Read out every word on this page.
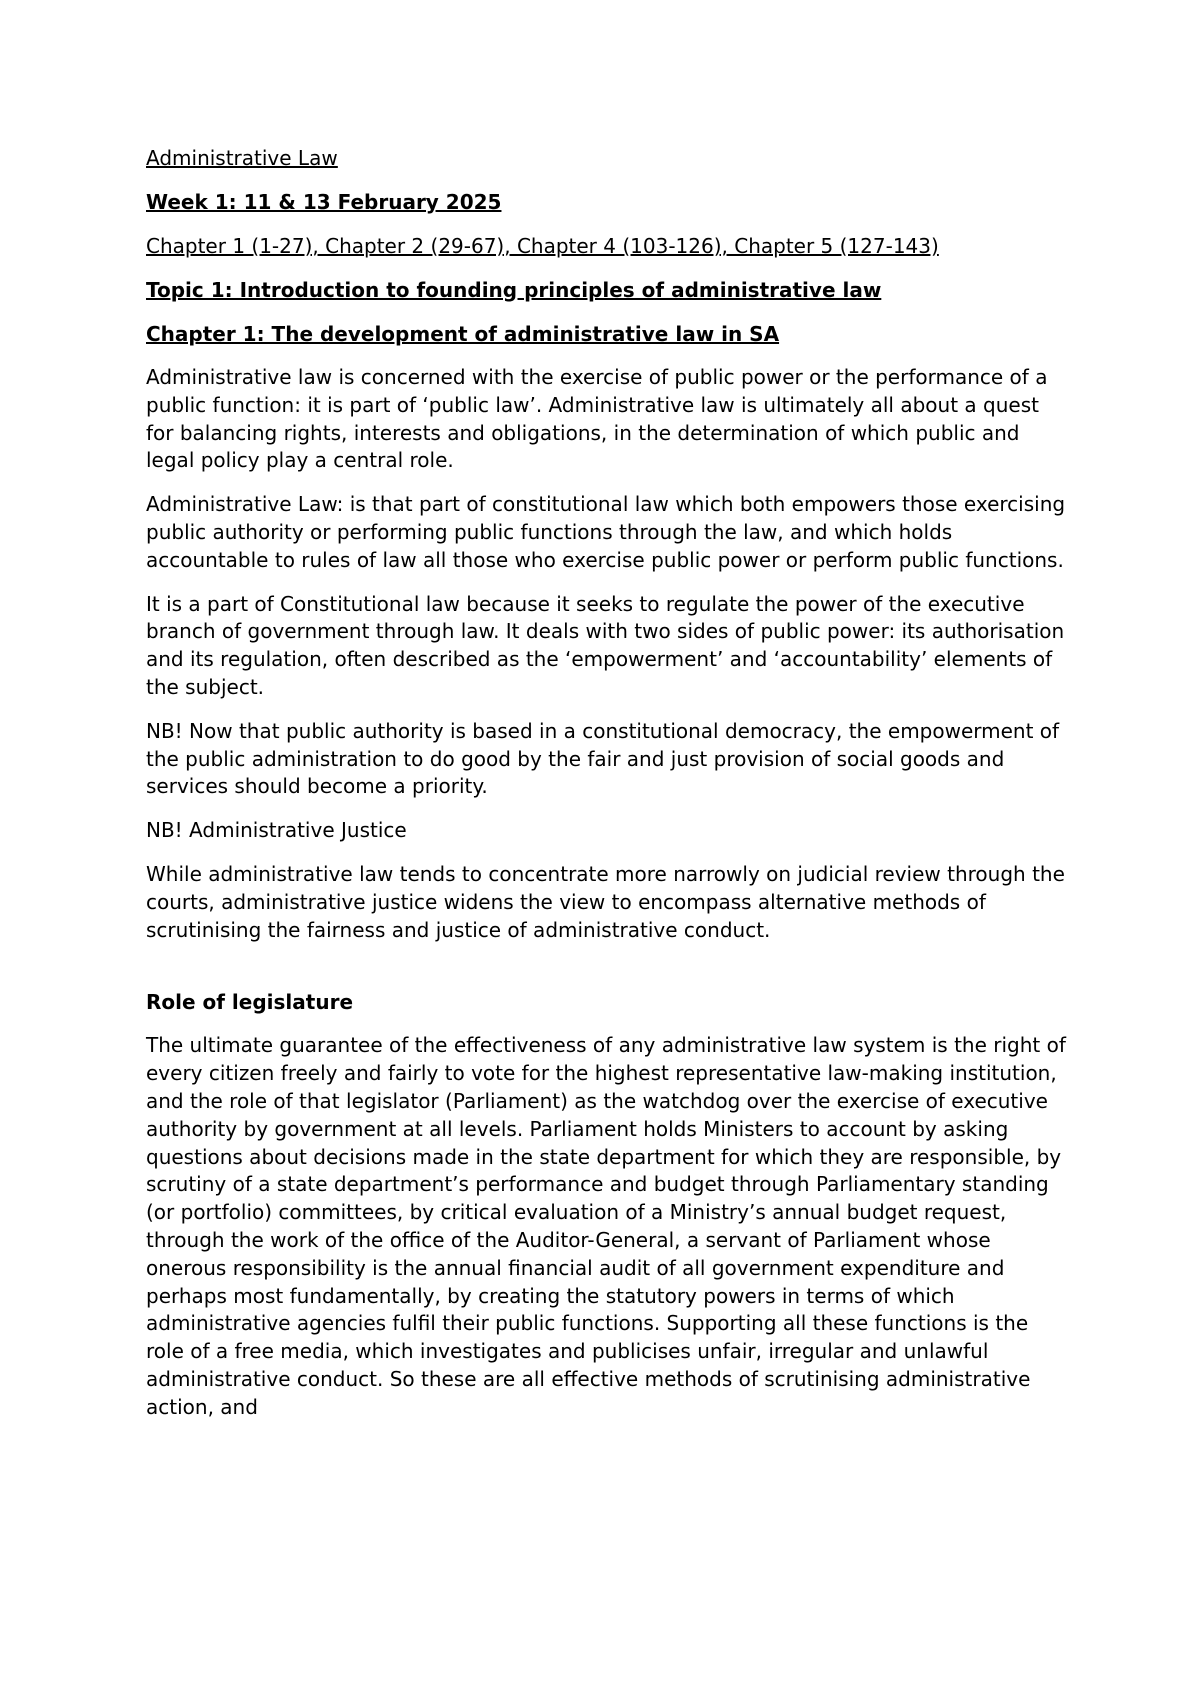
Administrative Law
Week 1: 11 & 13 February 2025
Chapter 1 (1-27), Chapter 2 (29-67), Chapter 4 (103-126), Chapter 5 (127-143)
Topic 1: Introduction to founding principles of administrative law
Chapter 1: The development of administrative law in SA

Administrative law is concerned with the exercise of public power or the performance of a public function: it is part of ‘public law’. Administrative law is ultimately all about a quest for balancing rights, interests and obligations, in the determination of which public and legal policy play a central role.

Administrative Law: is that part of constitutional law which both empowers those exercising public authority or performing public functions through the law, and which holds accountable to rules of law all those who exercise public power or perform public functions.

It is a part of Constitutional law because it seeks to regulate the power of the executive branch of government through law. It deals with two sides of public power: its authorisation and its regulation, often described as the ‘empowerment’ and ‘accountability’ elements of the subject.

NB! Now that public authority is based in a constitutional democracy, the empowerment of the public administration to do good by the fair and just provision of social goods and services should become a priority.

NB! Administrative Justice

While administrative law tends to concentrate more narrowly on judicial review through the courts, administrative justice widens the view to encompass alternative methods of scrutinising the fairness and justice of administrative conduct.

Role of legislature

The ultimate guarantee of the effectiveness of any administrative law system is the right of every citizen freely and fairly to vote for the highest representative law-making institution, and the role of that legislator (Parliament) as the watchdog over the exercise of executive authority by government at all levels. Parliament holds Ministers to account by asking questions about decisions made in the state department for which they are responsible, by scrutiny of a state department’s performance and budget through Parliamentary standing (or portfolio) committees, by critical evaluation of a Ministry’s annual budget request, through the work of the office of the Auditor-General, a servant of Parliament whose onerous responsibility is the annual financial audit of all government expenditure and perhaps most fundamentally, by creating the statutory powers in terms of which administrative agencies fulfil their public functions. Supporting all these functions is the role of a free media, which investigates and publicises unfair, irregular and unlawful administrative conduct. So these are all effective methods of scrutinising administrative action, and
